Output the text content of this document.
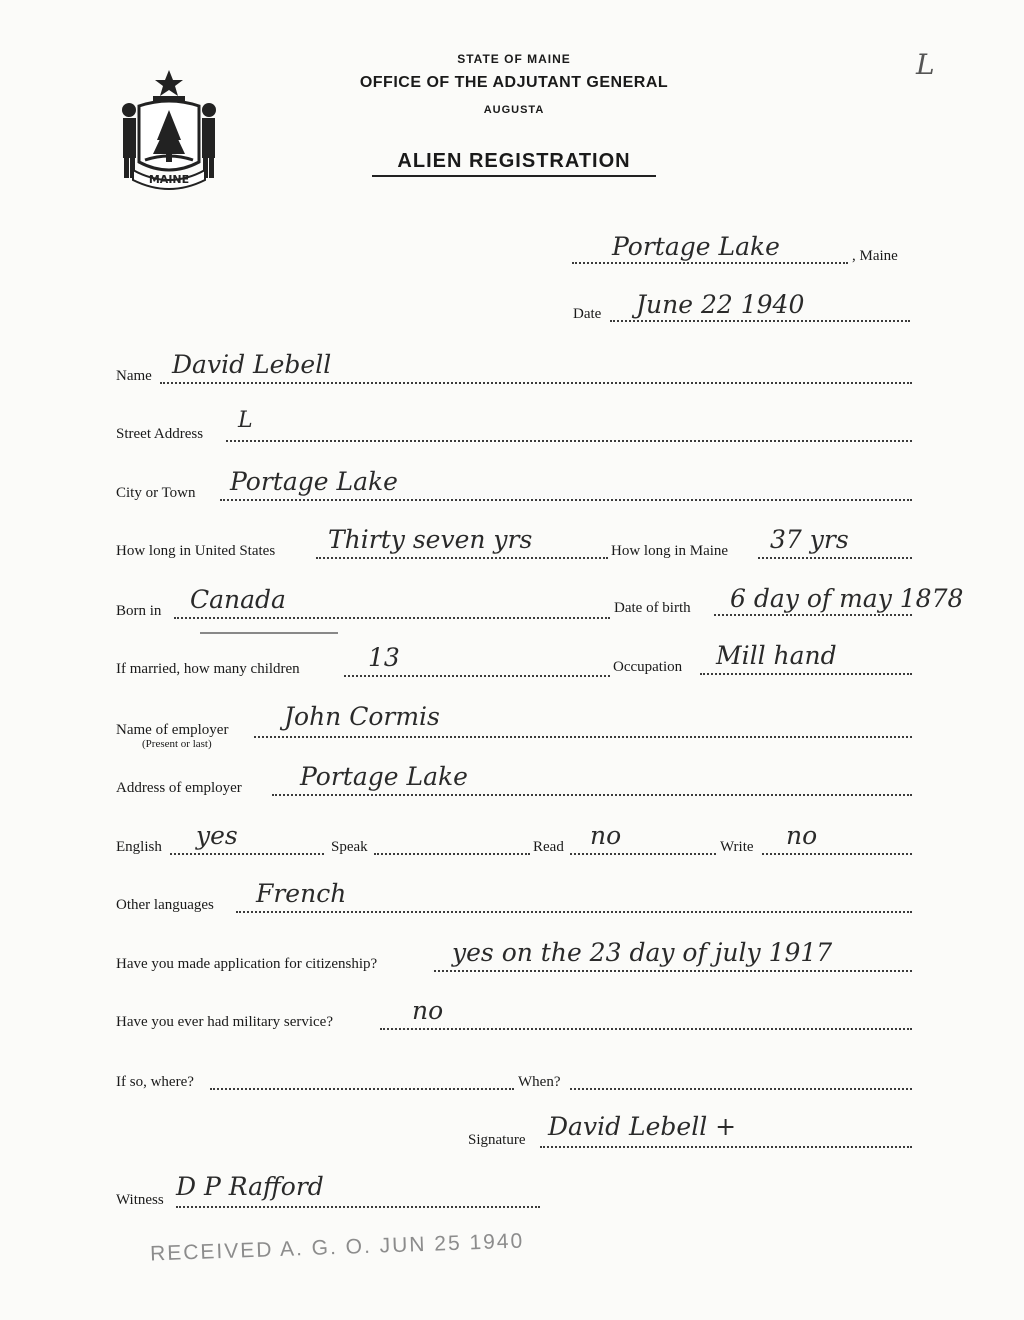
MAINE
STATE OF MAINE
OFFICE OF THE ADJUTANT GENERAL
AUGUSTA
ALIEN REGISTRATION
L
Portage Lake	, Maine
Date June 22 1940
Name David Lebell
Street Address
L
City or Town Portage Lake
How long in United States Thirty seven yrs	How long in Maine 37 yrs
Born in Canada	Date of birth 6 day of may 1878
If married, how many children	13	Occupation Mill hand
Name of employer
(Present or last)
John Cormis
Address of employer Portage Lake
English yes	Speak	Read no	Write no
Other languages French
Have you made application for citizenship?	yes on the 23 day of july 1917
Have you ever had military service?	no
If so, where?	When?
Signature David Lebell +
Witness D P Rafford
RECEIVED A. G. O. JUN 25 1940
